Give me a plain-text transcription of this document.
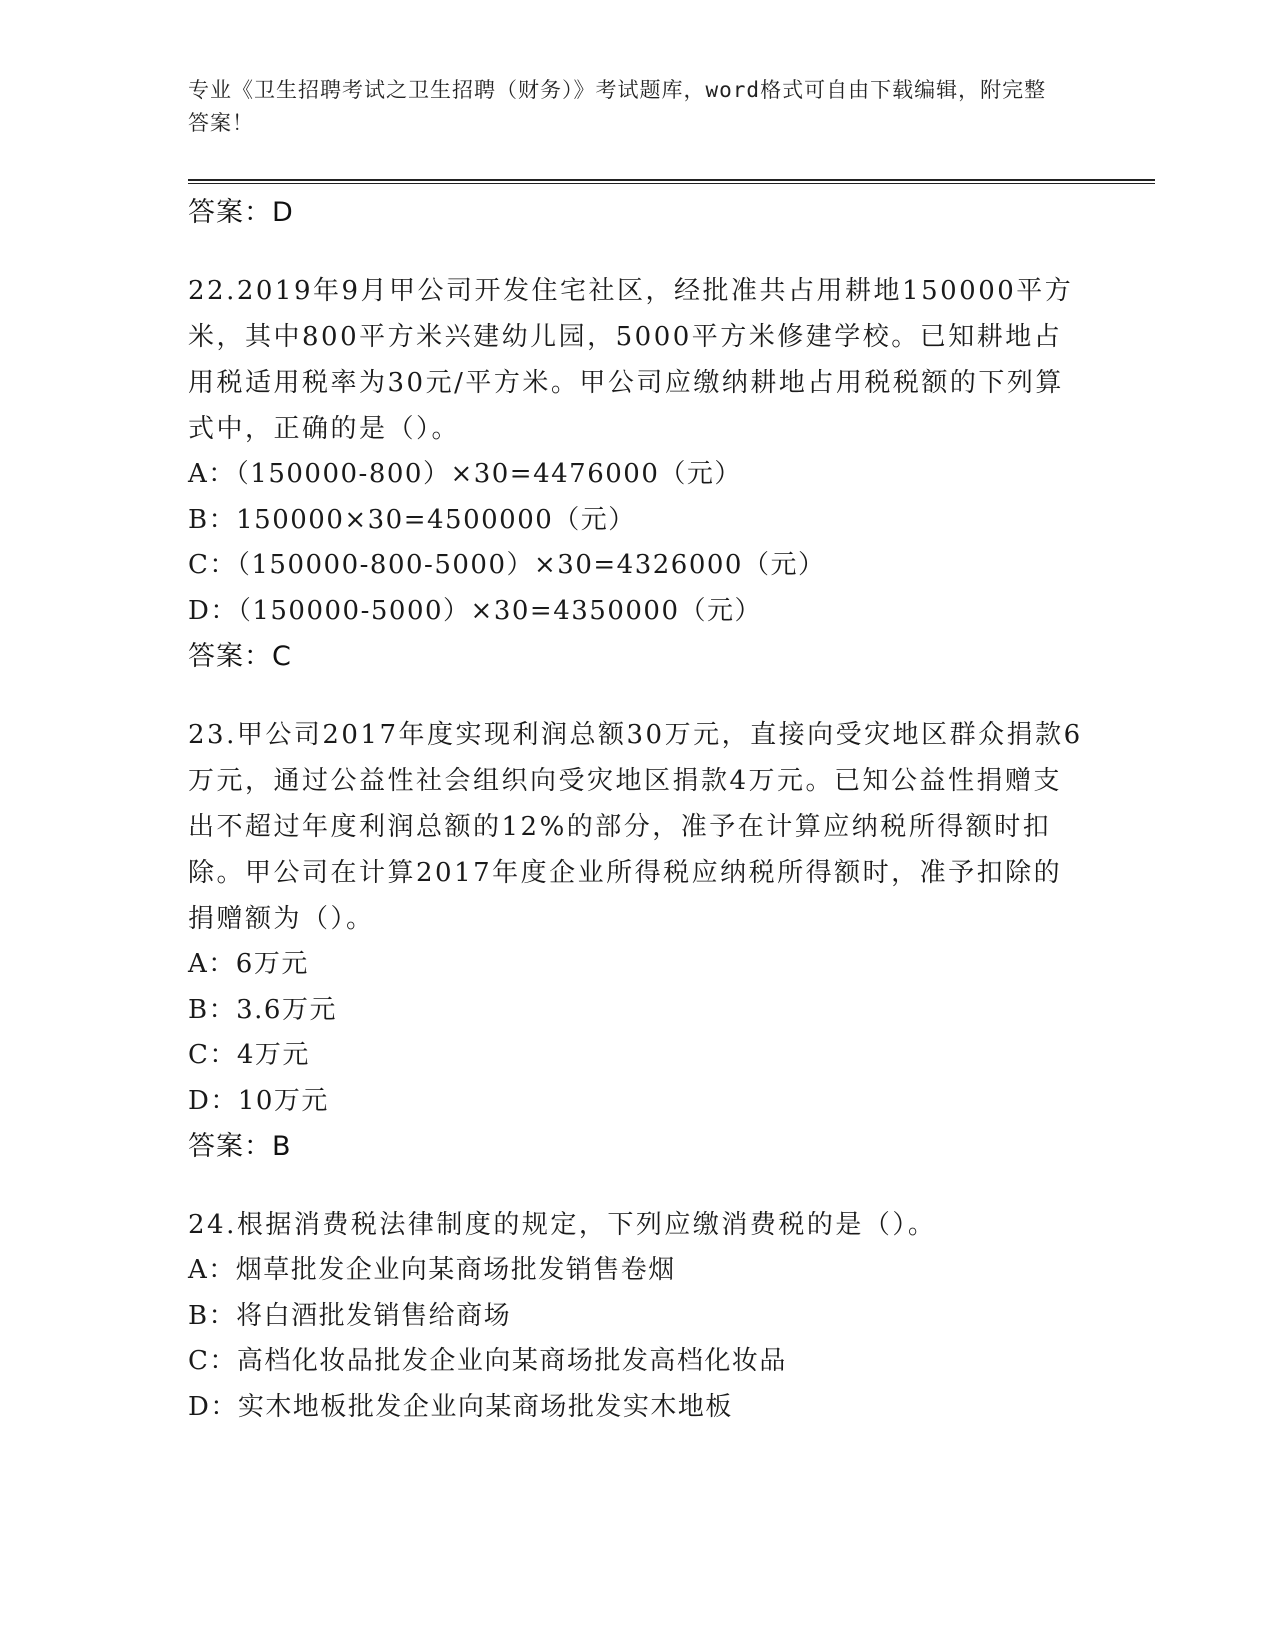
专业《卫生招聘考试之卫生招聘（财务）》考试题库，word格式可自由下载编辑，附完整答案！

答案：D

22.2019年9月甲公司开发住宅社区，经批准共占用耕地150000平方米，其中800平方米兴建幼儿园，5000平方米修建学校。已知耕地占用税适用税率为30元/平方米。甲公司应缴纳耕地占用税税额的下列算式中，正确的是（）。

A：（150000-800）×30=4476000（元）

B：150000×30=4500000（元）

C：（150000-800-5000）×30=4326000（元）

D：（150000-5000）×30=4350000（元）

答案：C

23.甲公司2017年度实现利润总额30万元，直接向受灾地区群众捐款6万元，通过公益性社会组织向受灾地区捐款4万元。已知公益性捐赠支出不超过年度利润总额的12%的部分，准予在计算应纳税所得额时扣除。甲公司在计算2017年度企业所得税应纳税所得额时，准予扣除的捐赠额为（）。

A：6万元

B：3.6万元

C：4万元

D：10万元

答案：B

24.根据消费税法律制度的规定，下列应缴消费税的是（）。

A：烟草批发企业向某商场批发销售卷烟

B：将白酒批发销售给商场

C：高档化妆品批发企业向某商场批发高档化妆品

D：实木地板批发企业向某商场批发实木地板
